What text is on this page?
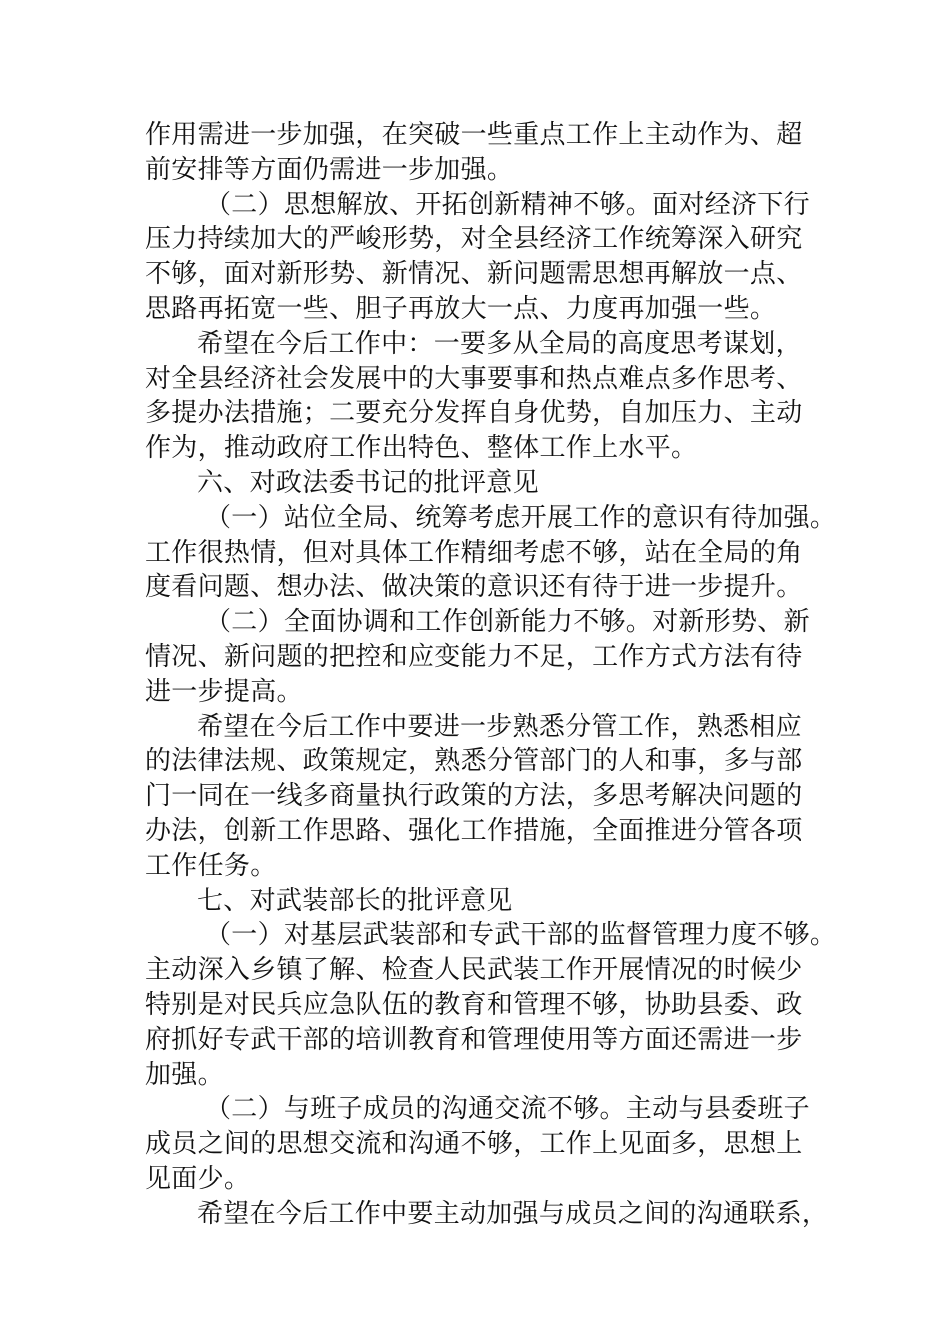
作用需进一步加强，在突破一些重点工作上主动作为、超
前安排等方面仍需进一步加强。
（二）思想解放、开拓创新精神不够。面对经济下行
压力持续加大的严峻形势，对全县经济工作统筹深入研究
不够，面对新形势、新情况、新问题需思想再解放一点、
思路再拓宽一些、胆子再放大一点、力度再加强一些。
希望在今后工作中：一要多从全局的高度思考谋划，
对全县经济社会发展中的大事要事和热点难点多作思考、
多提办法措施；二要充分发挥自身优势，自加压力、主动
作为，推动政府工作出特色、整体工作上水平。
六、对政法委书记的批评意见
（一）站位全局、统筹考虑开展工作的意识有待加强。
工作很热情，但对具体工作精细考虑不够，站在全局的角
度看问题、想办法、做决策的意识还有待于进一步提升。
（二）全面协调和工作创新能力不够。对新形势、新
情况、新问题的把控和应变能力不足，工作方式方法有待
进一步提高。
希望在今后工作中要进一步熟悉分管工作，熟悉相应
的法律法规、政策规定，熟悉分管部门的人和事，多与部
门一同在一线多商量执行政策的方法，多思考解决问题的
办法，创新工作思路、强化工作措施，全面推进分管各项
工作任务。
七、对武装部长的批评意见
（一）对基层武装部和专武干部的监督管理力度不够。
主动深入乡镇了解、检查人民武装工作开展情况的时候少
特别是对民兵应急队伍的教育和管理不够，协助县委、政
府抓好专武干部的培训教育和管理使用等方面还需进一步
加强。
（二）与班子成员的沟通交流不够。主动与县委班子
成员之间的思想交流和沟通不够，工作上见面多，思想上
见面少。
希望在今后工作中要主动加强与成员之间的沟通联系，
